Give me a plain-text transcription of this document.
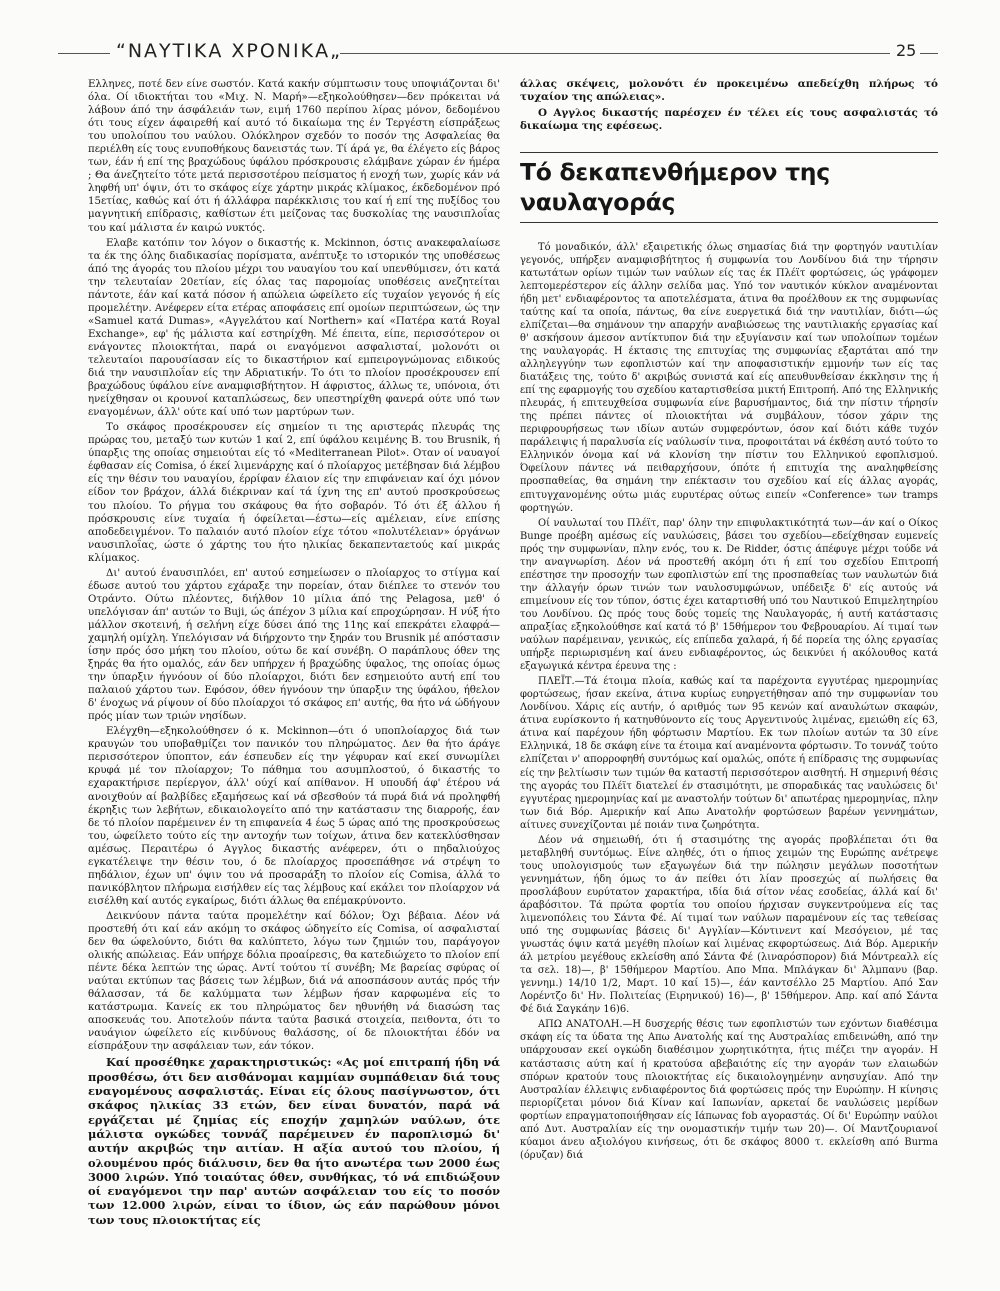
“ΝΑΥΤΙΚΑ ΧΡΟΝΙΚΑ„	25

Ελληνες, ποτέ δεν είνε σωστόν. Κατά κακήν σύμπτωσιν τους υποψιάζονται δι' όλα. Οί ιδιοκτήται του «Μιχ. Ν. Μαρή»—εξηκολούθησεν—δεν πρόκειται νά λάβουν άπό την άσφάλειάν των, ειμή 1760 περίπου λίρας μόνον, δεδομένου ότι τους είχεν άφαιρεθή καί αυτό τό δικαίωμα της έν Τεργέστη είσπράξεως του υπολοίπου του ναύλου. Ολόκληρον σχεδόν το ποσόν της Ασφαλείας θα περιέλθη είς τους ενυποθήκους δανειστάς των. Τί άρά γε, θα έλέγετο είς βάρος των, έάν ή επί της βραχώδους ύφάλου πρόσκρουσις ελάμβανε χώραν έν ήμέρα ; Θα άνεζητείτο τότε μετά περισσοτέρου πείσματος ή ενοχή των, χωρίς κάν νά ληφθή υπ' όψιν, ότι το σκάφος είχε χάρτην μικράς κλίμακος, έκδεδομένον πρό 15ετίας, καθώς καί ότι ή άλλάφρα παρέκκλισις του καί ή επί της πυξίδος του μαγνητική επίδρασις, καθίστων έτι μείζονας τας δυσκολίας της ναυσιπλοΐας του καί μάλιστα έν καιρώ νυκτός.

Ελαβε κατόπιν τον λόγον ο δικαστής κ. Mckinnon, όστις ανακεφαλαίωσε τα έκ της όλης διαδικασίας πορίσματα, ανέπτυξε το ιστορικόν της υποθέσεως άπό της άγοράς του πλοίου μέχρι του ναυαγίου του καί υπενθύμισεν, ότι κατά την τελευταίαν 20ετίαν, είς όλας τας παρομοίας υποθέσεις ανεζητείται πάντοτε, έάν καί κατά πόσον ή απώλεια ώφείλετο είς τυχαίον γεγονός ή είς προμελέτην. Ανέφερεν είτα ετέρας αποφάσεις επί ομοίων περιπτώσεων, ώς την «Samuel κατά Dumas», «Αγγελάτου καί Northern» καί «Πατέρα κατά Royal Exchange», εφ' ής μάλιστα καί εστηρίχθη. Μέ έπειτα, είπε, περισσότερον οι ενάγοντες πλοιοκτήται, παρά οι εναγόμενοι ασφαλισταί, μολονότι οι τελευταίοι παρουσίασαν είς το δικαστήριον καί εμπειρογνώμονας ειδικούς διά την ναυσιπλοΐαν είς την Αδριατικήν. Το ότι το πλοίον προσέκρουσεν επί βραχώδους ύφάλου είνε αναμφισβήτητον. Η άφριστος, άλλως τε, υπόνοια, ότι ηνείχθησαν οι κρουνοί καταπλώσεως, δεν υπεστηρίχθη φανερά ούτε υπό των εναγομένων, άλλ' ούτε καί υπό των μαρτύρων των.

Το σκάφος προσέκρουσεν είς σημείον τι της αριστεράς πλευράς της πρώρας του, μεταξύ των κυτών 1 καί 2, επί ύφάλου κειμένης Β. του Brusnik, ή ύπαρξις της οποίας σημειούται είς τό «Mediterranean Pilot». Οταν οί ναυαγοί έφθασαν είς Comisa, ό έκεί λιμενάρχης καί ό πλοίαρχος μετέβησαν διά λέμβου είς την θέσιν του ναυαγίου, έρρίφαν έλαιον είς την επιφάνειαν καί όχι μόνον είδον τον βράχον, άλλά διέκριναν καί τά ίχνη της επ' αυτού προσκρούσεως του πλοίου. Το ρήγμα του σκάφους θα ήτο σοβαρόν. Τό ότι έξ άλλου ή πρόσκρουσις είνε τυχαία ή όφείλεται—έστω—είς αμέλειαν, είνε επίσης αποδεδειγμένον. Το παλαιόν αυτό πλοίον είχε τότου «πολυτέλειαν» όργάνων ναυσιπλοΐας, ώστε ό χάρτης του ήτο ηλικίας δεκαπενταετούς καί μικράς κλίμακος.

Δι' αυτού έναυσιπλόει, επ' αυτού εσημείωσεν ο πλοίαρχος το στίγμα καί έδωσε αυτού του χάρτου εχάραξε την πορείαν, όταν διέπλεε το στενόν του Οτράντο. Ούτω πλέοντες, διήλθον 10 μίλια άπό της Pelagosa, μεθ' ό υπελόγισαν άπ' αυτών το Buji, ώς άπέχον 3 μίλια καί επροχώρησαν. Η νύξ ήτο μάλλον σκοτεινή, ή σελήνη είχε δύσει άπό της 11ης καί επεκράτει ελαφρά—χαμηλή ομίχλη. Υπελόγισαν νά διήρχοντο την ξηράν του Brusnik μέ απόστασιν ίσην πρός όσο μήκη του πλοίου, ούτω δε καί συνέβη. Ο παράπλους όθεν της ξηράς θα ήτο ομαλός, εάν δεν υπήρχεν ή βραχώδης ύφαλος, της οποίας όμως την ύπαρξιν ήγνόουν οί δύο πλοίαρχοι, διότι δεν εσημειούτο αυτή επί του παλαιού χάρτου των. Εφόσον, όθεν ήγνόουν την ύπαρξιν της ύφάλου, ήθελον δ' ένοχως νά ρίψουν οί δύο πλοίαρχοι τό σκάφος επ' αυτής, θα ήτο νά ώδήγουν πρός μίαν των τριών νησίδων.

Ελέγχθη—εξηκολούθησεν ό κ. Mckinnon—ότι ό υποπλοίαρχος διά των κραυγών του υποβαθμίζει τον πανικόν του πληρώματος. Δεν θα ήτο άράγε περισσότερον ύποπτον, εάν έσπευδεν είς την γέφυραν καί εκεί συνωμίλει κρυφά μέ τον πλοίαρχον; Το πάθημα του ασυμπλοστού, ό δικαστής το εχαρακτήρισε περίεργον, άλλ' ούχί καί απίθανον. Η υπουδή άφ' έτέρου νά ανοιχθούν αί βαλβίδες εξαμήσεως καί νά σβεσθούν τά πυρά διά νά προληφθή έκρηξις των λεβήτων, εδικαιολογείτο από την κατάστασιν της διαρροής, έαν δε τό πλοίον παρέμεινεν έν τη επιφανεία 4 έως 5 ώρας από της προσκρούσεως του, ώφείλετο τούτο είς την αντοχήν των τοίχων, άτινα δεν κατεκλύσθησαν αμέσως. Περαιτέρω ό Αγγλος δικαστής ανέφερεν, ότι ο πηδαλιούχος εγκατέλειψε την θέσιν του, ό δε πλοίαρχος προσεπάθησε νά στρέψη το πηδάλιον, έχων υπ' όψιν του νά προσαράξη το πλοίον είς Comisa, άλλά το πανικόβλητον πλήρωμα εισήλθεν είς τας λέμβους καί εκάλει τον πλοίαρχον νά εισέλθη καί αυτός εγκαίρως, διότι άλλως θα επέμακρύνοντο.

Δεικνύουν πάντα ταύτα προμελέτην καί δόλον; Όχι βέβαια. Δέον νά προστεθή ότι καί εάν ακόμη το σκάφος ώδηγείτο είς Comisa, οί ασφαλισταί δεν θα ώφελούντο, διότι θα καλύπτετο, λόγω των ζημιών του, παράγογον ολικής απώλειας. Εάν υπήρχε δόλια προαίρεσις, θα κατεδιώχετο το πλοίον επί πέντε δέκα λεπτών της ώρας. Αντί τούτου τί συνέβη; Με βαρείας σφύρας οί ναύται εκτύπων τας βάσεις των λέμβων, διά νά αποσπάσουν αυτάς πρός τήν θάλασσαν, τά δε καλύμματα των λέμβων ήσαν καρφωμένα είς το κατάστρωμα. Κανείς εκ του πληρώματος δεν ηθυνήθη νά διασώση τας αποσκευάς του. Αποτελούν πάντα ταύτα βασικά στοιχεία, πειθοντα, ότι το ναυάγιον ώφείλετο είς κινδύνους θαλάσσης, οί δε πλοιοκτήται έδόν να είσπράξουν την ασφάλειαν των, εάν τόκον.

Καί προσέθηκε χαρακτηριστικώς: «Ας μοί επιτραπή ήδη νά προσθέσω, ότι δεν αισθάνομαι καμμίαν συμπάθειαν διά τους εναγομένους ασφαλιστάς. Είναι είς όλους πασίγνωστον, ότι σκάφος ηλικίας 33 ετών, δεν είναι δυνατόν, παρά νά εργάζεται μέ ζημίας είς εποχήν χαμηλών ναύλων, ότε μάλιστα ογκώδες τοννάζ παρέμεινεν έν παροπλισμώ δι' αυτήν ακριβώς την αιτίαν. Η αξία αυτού του πλοίου, ή ολουμένου πρός διάλυσιν, δεν θα ήτο ανωτέρα των 2000 έως 3000 λιρών. Υπό τοιαύτας όθεν, συνθήκας, τό νά επιδιώξουν οί εναγόμενοι την παρ' αυτών ασφάλειαν του είς το ποσόν των 12.000 λιρών, είναι το ίδιον, ώς εάν παρώθουν μόνοι των τους πλοιοκτήτας είς

άλλας σκέψεις, μολονότι έν προκειμένω απεδείχθη πλήρως τό τυχαίον της απώλειας».

Ο Αγγλος δικαστής παρέσχεν έν τέλει είς τους ασφαλιστάς τό δικαίωμα της εφέσεως.

Τό δεκαπενθήμερον της ναυλαγοράς

Τό μοναδικόν, άλλ' εξαιρετικής όλως σημασίας διά την φορτηγόν ναυτιλίαν γεγονός, υπήρξεν αναμφισβήτητος ή συμφωνία του Λονδίνου διά την τήρησιν κατωτάτων ορίων τιμών των ναύλων είς τας έκ Πλέϊτ φορτώσεις, ώς γράφομεν λεπτομερέστερον είς άλλην σελίδα μας. Υπό τον ναυτικόν κύκλον αναμένονται ήδη μετ' ενδιαφέροντος τα αποτελέσματα, άτινα θα προέλθουν εκ της συμφωνίας ταύτης καί τα οποία, πάντως, θα είνε ευεργετικά διά την ναυτιλίαν, διότι—ώς ελπίζεται—θα σημάνουν την απαρχήν αναβιώσεως της ναυτιλιακής εργασίας καί θ' ασκήσουν άμεσον αντίκτυπον διά την εξυγίανσιν καί των υπολοίπων τομέων της ναυλαγοράς. Η έκτασις της επιτυχίας της συμφωνίας εξαρτάται από την αλληλεγγύην των εφοπλιστών καί την αποφασιστικήν εμμονήν των είς τας διατάξεις της, τούτο δ' ακριβώς συνιστά καί είς απευθυνθείσαν έκκλησιν της ή επί της εφαρμογής του σχεδίου καταρτισθείσα μικτή Επιτροπή. Από της Ελληνικής πλευράς, ή επιτευχθείσα συμφωνία είνε βαρυσήμαντος, διά την πίστιν τήρησίν της πρέπει πάντες οί πλοιοκτήται νά συμβάλουν, τόσον χάριν της περιφρουρήσεως των ιδίων αυτών συμφερόντων, όσον καί διότι κάθε τυχόν παράλειψις ή παραλυσία είς ναύλωσίν τινα, προφοιτάται νά έκθέση αυτό τούτο το Ελληνικόν όνομα καί νά κλονίση την πίστιν του Ελληνικού εφοπλισμού. Όφείλουν πάντες νά πειθαρχήσουν, όπότε ή επιτυχία της αναληφθείσης προσπαθείας, θα σημάνη την επέκτασιν του σχεδίου καί είς άλλας αγοράς, επιτυγχανομένης ούτω μιάς ευρυτέρας ούτως ειπείν «Conference» των tramps φορτηγών.

Οί ναυλωταί του Πλέϊτ, παρ' όλην την επιφυλακτικότητά των—άν καί ο Οίκος Bunge προέβη αμέσως είς ναυλώσεις, βάσει του σχεδίου—εδείχθησαν ευμενείς πρός την συμφωνίαν, πλην ενός, του κ. De Ridder, όστις άπέφυγε μέχρι τούδε νά την αναγνωρίση. Δέον νά προστεθή ακόμη ότι ή επί του σχεδίου Επιτροπή επέστησε την προσοχήν των εφοπλιστών επί της προσπαθείας των ναυλωτών διά την άλλαγήν όρων τινών των ναυλοσυμφώνων, υπέδειξε δ' είς αυτούς νά επιμείνουν είς τον τύπον, όστις έχει καταρτισθή υπό του Ναυτικού Επιμελητηρίου του Λονδίνου. Ως πρός τους δούς τομείς της Ναυλαγοράς, ή αυτή κατάστασις απραξίας εξηκολούθησε καί κατά τό β' 15θήμερον του Φεβρουαρίου. Αί τιμαί των ναύλων παρέμειναν, γενικώς, είς επίπεδα χαλαρά, ή δέ πορεία της όλης εργασίας υπήρξε περιωρισμένη καί άνευ ενδιαφέροντος, ώς δεικνύει ή ακόλουθος κατά εξαγωγικά κέντρα έρευνα της :

ΠΛΕΪΤ.—Τά έτοιμα πλοία, καθώς καί τα παρέχοντα εγγυτέρας ημερομηνίας φορτώσεως, ήσαν εκείνα, άτινα κυρίως ευηργετήθησαν από την συμφωνίαν του Λονδίνου. Χάρις είς αυτήν, ό αριθμός των 95 κενών καί αναυλώτων σκαφών, άτινα ευρίσκοντο ή κατηυθύνοντο είς τους Αργεντινούς λιμένας, εμειώθη είς 63, άτινα καί παρέχουν ήδη φόρτωσιν Μαρτίου. Εκ των πλοίων αυτών τα 30 είνε Ελληνικά, 18 δε σκάφη είνε τα έτοιμα καί αναμένοντα φόρτωσιν. Το τοννάζ τούτο ελπίζεται ν' απορροφηθή συντόμως καί ομαλώς, οπότε ή επίδρασις της συμφωνίας είς την βελτίωσιν των τιμών θα καταστή περισσότερον αισθητή. Η σημερινή θέσις της αγοράς του Πλέϊτ διατελεί έν στασιμότητι, με σποραδικάς τας ναυλώσεις δι' εγγυτέρας ημερομηνίας καί με αναστολήν τούτων δι' απωτέρας ημερομηνίας, πλην των διά Βόρ. Αμερικήν καί Απω Ανατολήν φορτώσεων βαρέων γεννημάτων, αίτινες συνεχίζονται μέ ποιάν τινα ζωηρότητα.

Δέον νά σημειωθή, ότι ή στασιμότης της αγοράς προβλέπεται ότι θα μεταβληθή συντόμως. Είνε αληθές, ότι ο ήπιος χειμών της Ευρώπης ανέτρεψε τους υπολογισμούς των εξαγωγέων διά την πώλησιν μεγάλων ποσοτήτων γεννημάτων, ήδη όμως το άν πείθει ότι λίαν προσεχώς αί πωλήσεις θα προσλάβουν ευρύτατον χαρακτήρα, ιδία διά σίτον νέας εσοδείας, άλλά καί δι' άραβόσιτον. Τά πρώτα φορτία του οποίου ήρχισαν συγκεντρούμενα είς τας λιμενοπόλεις του Σάντα Φέ. Αί τιμαί των ναύλων παραμένουν είς τας τεθείσας υπό της συμφωνίας βάσεις δι' Αγγλίαν—Κόντινεντ καί Μεσόγειον, μέ τας γνωστάς όψιν κατά μεγέθη πλοίων καί λιμένας εκφορτώσεως. Διά Βόρ. Αμερικήν άλ μετρίου μεγέθους εκλείσθη από Σάντα Φέ (λιναρόσπορον) διά Μόντρεαλλ είς τα σελ. 18)—, β' 15θήμερον Μαρτίου. Απο Μπα. Μπλάγκαν δι' Άλμπανυ (βαρ. γεννημ.) 14/10 1/2, Μαρτ. 10 καί 15)—, έάν καντσέλλο 25 Μαρτίου. Από Σαν Λορέντζο δι' Ην. Πολιτείας (Ειρηνικού) 16)—, β' 15θήμερον. Απρ. καί από Σάντα Φέ διά Σαγκάην 16)6.

ΑΠΩ ΑΝΑΤΟΛΗ.—Η δυσχερής θέσις των εφοπλιστών των εχόντων διαθέσιμα σκάφη είς τα ύδατα της Απω Ανατολής καί της Αυστραλίας επιδεινώθη, από την υπάρχουσαν εκεί ογκώδη διαθέσιμον χωρητικότητα, ήτις πιέζει την αγοράν. Η κατάστασις αύτη καί ή κρατούσα αβεβαιότης είς την αγοράν των ελαιωδών σπόρων κρατούν τους πλοιοκτήτας είς δικαιολογημένην ανησυχίαν. Από την Αυστραλίαν έλλειψις ενδιαφέροντος διά φορτώσεις πρός την Ευρώπην. Η κίνησις περιορίζεται μόνον διά Κίναν καί Ιαπωνίαν, αρκεταί δε ναυλώσεις μερίδων φορτίων επραγματοποιήθησαν είς Ιάπωνας fob αγοραστάς. Οί δι' Ευρώπην ναύλοι από Δυτ. Αυστραλίαν είς την ονομαστικήν τιμήν των 20)—. Οί Μαντζουριανοί κύαμοι άνευ αξιολόγου κινήσεως, ότι δε σκάφος 8000 τ. εκλείσθη από Burma (όρυζαν) διά
